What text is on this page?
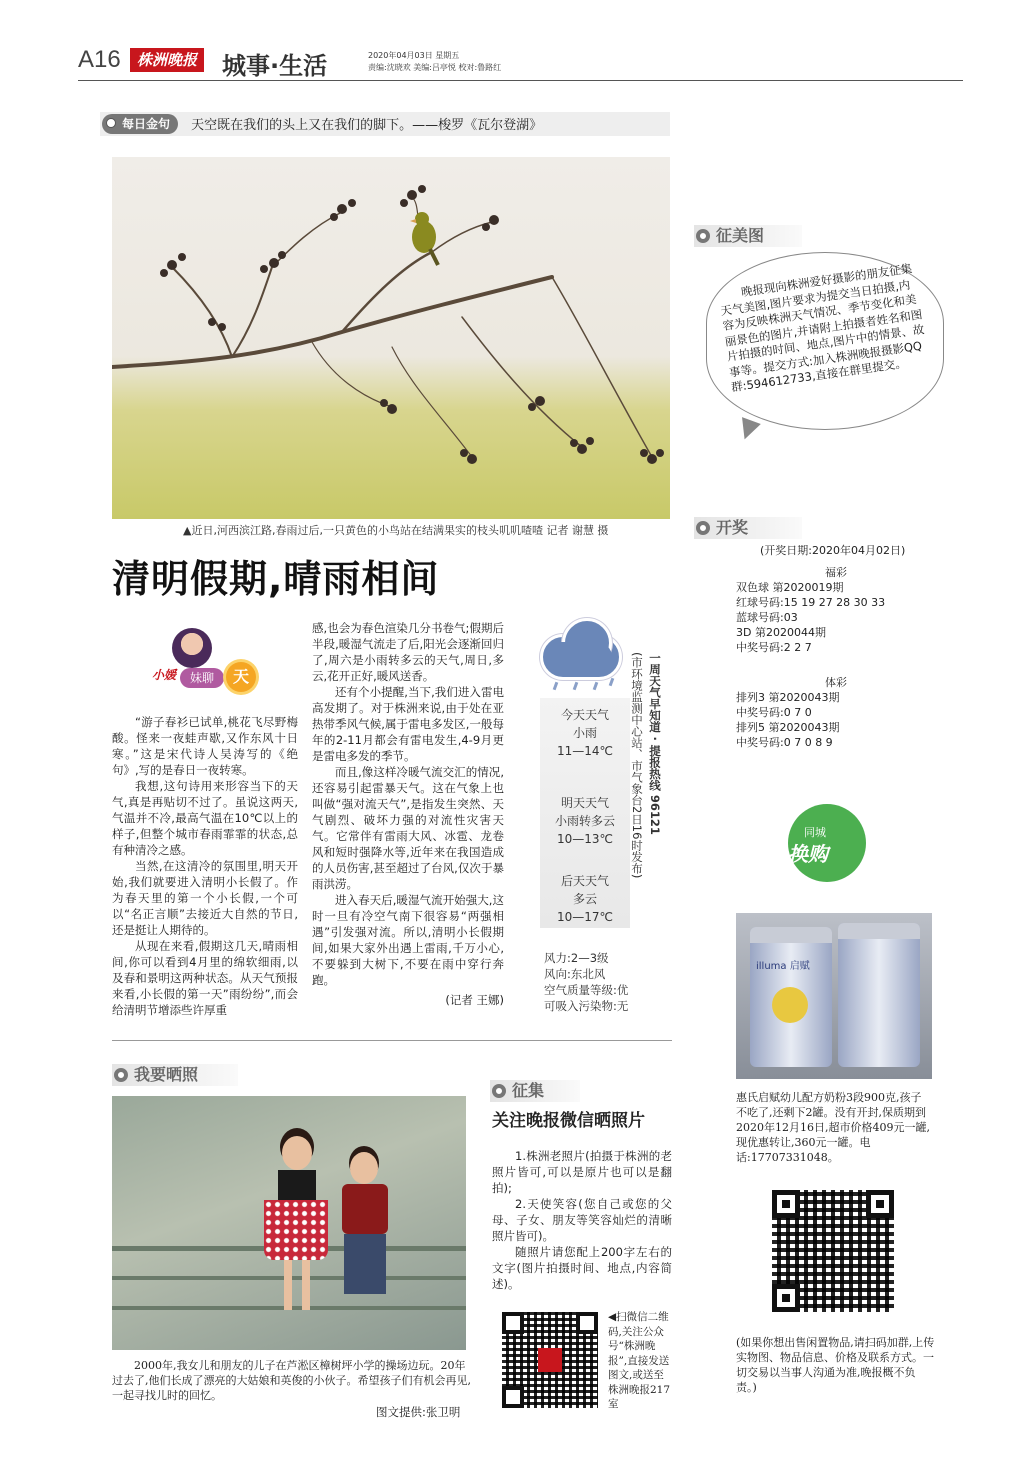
A16	株洲晚报 城事·生活	2020年04月03日 星期五
责编:沈晓欢 美编:吕亭悦 校对:鲁路红
每日金句 天空既在我们的头上又在我们的脚下。——梭罗《瓦尔登湖》
▲近日,河西滨江路,春雨过后,一只黄色的小鸟站在结满果实的枝头叽叽喳喳 记者 谢慧 摄
清明假期,晴雨相间
小媛	妹聊	天

“游子春衫已试单,桃花飞尽野梅酸。怪来一夜蛙声歇,又作东风十日寒。”这是宋代诗人吴涛写的《绝句》,写的是春日一夜转寒。

我想,这句诗用来形容当下的天气,真是再贴切不过了。虽说这两天,气温并不冷,最高气温在10℃以上的样子,但整个城市春雨霏霏的状态,总有种清冷之感。

当然,在这清冷的氛围里,明天开始,我们就要进入清明小长假了。作为春天里的第一个小长假,一个可以“名正言顺”去接近大自然的节日,还是挺让人期待的。

从现在来看,假期这几天,晴雨相间,你可以看到4月里的绵软细雨,以及春和景明这两种状态。从天气预报来看,小长假的第一天”雨纷纷”,而会给清明节增添些许厚重

感,也会为春色渲染几分书卷气;假期后半段,暖湿气流走了后,阳光会逐渐回归了,周六是小雨转多云的天气,周日,多云,花开正好,暖风送香。

还有个小提醒,当下,我们进入雷电高发期了。对于株洲来说,由于处在亚热带季风气候,属于雷电多发区,一般每年的2-11月都会有雷电发生,4-9月更是雷电多发的季节。

而且,像这样冷暖气流交汇的情况,还容易引起雷暴天气。这在气象上也叫做“强对流天气”,是指发生突然、天气剧烈、破坏力强的对流性灾害天气。它常伴有雷雨大风、冰雹、龙卷风和短时强降水等,近年来在我国造成的人员伤害,甚至超过了台风,仅次于暴雨洪涝。

进入春天后,暖湿气流开始强大,这时一旦有冷空气南下很容易“两强相遇”引发强对流。所以,清明小长假期间,如果大家外出遇上雷雨,千万小心,不要躲到大树下,不要在雨中穿行奔跑。

(记者 王娜)
今天天气
小雨
11—14℃
明天天气
小雨转多云
10—13℃
后天天气
多云
10—17℃
风力:2—3级
风向:东北风
空气质量等级:优
可吸入污染物:无
一周天气早知道 · 提报热线 96121
(市环境监测中心站、市气象台2日16时发布)
征美图
晚报现向株洲爱好摄影的朋友征集天气美图,图片要求为提交当日拍摄,内容为反映株洲天气情况、季节变化和美丽景色的图片,并请附上拍摄者姓名和图片拍摄的时间、地点,图片中的情景、故事等。提交方式:加入株洲晚报摄影QQ群:594612733,直接在群里提交。
开奖
(开奖日期:2020年04月02日)
福彩
双色球 第2020019期
红球号码:15 19 27 28 30 33
蓝球号码:03
3D 第2020044期
中奖号码:2 2 7
体彩
排列3 第2020043期
中奖号码:0 7 0
排列5 第2020043期
中奖号码:0 7 0 8 9
同城
换购
illuma 启赋
惠氏启赋幼儿配方奶粉3段900克,孩子不吃了,还剩下2罐。没有开封,保质期到2020年12月16日,超市价格409元一罐,现优惠转让,360元一罐。电话:17707331048。
(如果你想出售闲置物品,请扫码加群,上传实物图、物品信息、价格及联系方式。一切交易以当事人沟通为准,晚报概不负责。)
我要晒照
2000年,我女儿和朋友的儿子在芦淞区樟树坪小学的操场边玩。20年过去了,他们长成了漂亮的大姑娘和英俊的小伙子。希望孩子们有机会再见,一起寻找儿时的回忆。
图文提供:张卫明
征集
关注晚报微信晒照片

1.株洲老照片(拍摄于株洲的老照片皆可,可以是原片也可以是翻拍);

2.天使笑容(您自己或您的父母、子女、朋友等笑容灿烂的清晰照片皆可)。

随照片请您配上200字左右的文字(图片拍摄时间、地点,内容简述)。

◀扫微信二维码,关注公众号“株洲晚报”,直接发送图文,或送至株洲晚报217室
